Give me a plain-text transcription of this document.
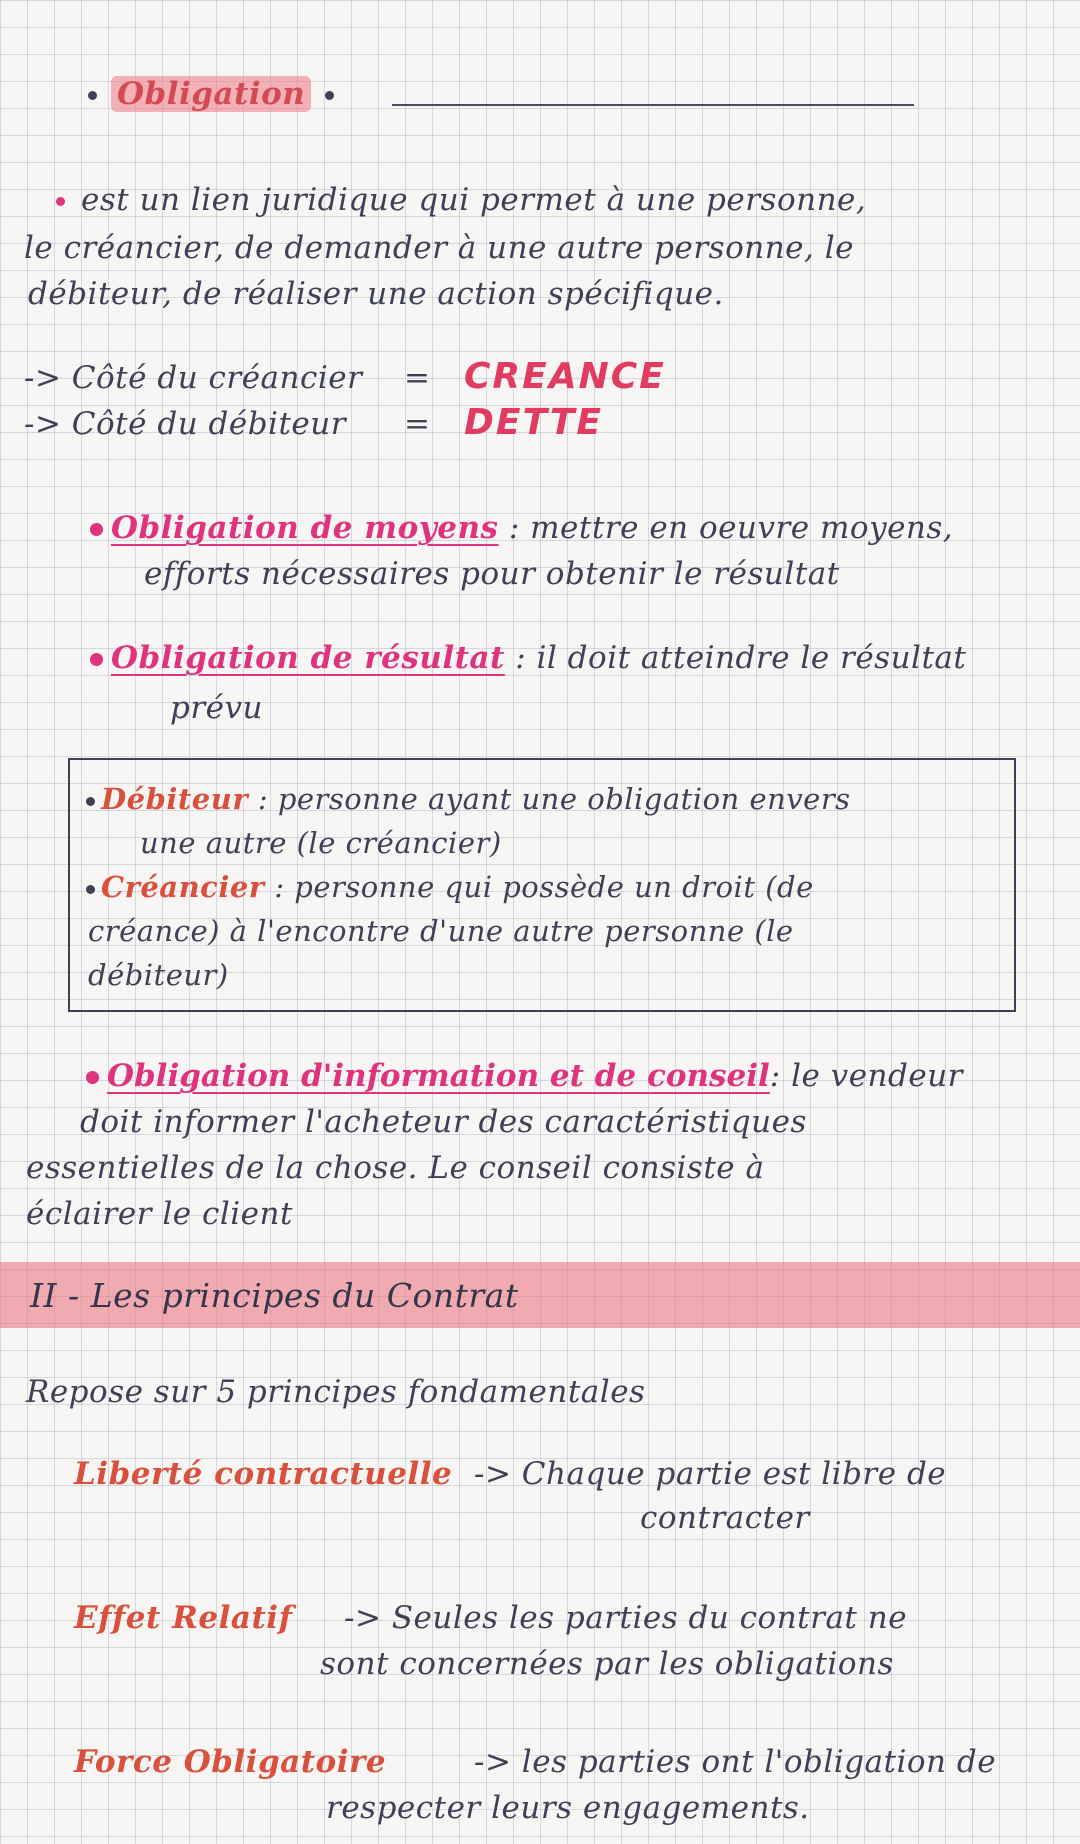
Obligation
est un lien juridique qui permet à une personne,
le créancier, de demander à une autre personne, le
débiteur, de réaliser une action spécifique.
-> Côté du créancier = CREANCE
-> Côté du débiteur = DETTE
Obligation de moyens : mettre en oeuvre moyens,
efforts nécessaires pour obtenir le résultat
Obligation de résultat : il doit atteindre le résultat
prévu
Débiteur : personne ayant une obligation envers
une autre (le créancier)
Créancier : personne qui possède un droit (de
créance) à l'encontre d'une autre personne (le
débiteur)
Obligation d'information et de conseil: le vendeur
doit informer l'acheteur des caractéristiques
essentielles de la chose. Le conseil consiste à
éclairer le client
II - Les principes du Contrat
Repose sur 5 principes fondamentales
Liberté contractuelle -> Chaque partie est libre de
contracter
Effet Relatif -> Seules les parties du contrat ne
sont concernées par les obligations
Force Obligatoire	-> les parties ont l'obligation de
respecter leurs engagements.
